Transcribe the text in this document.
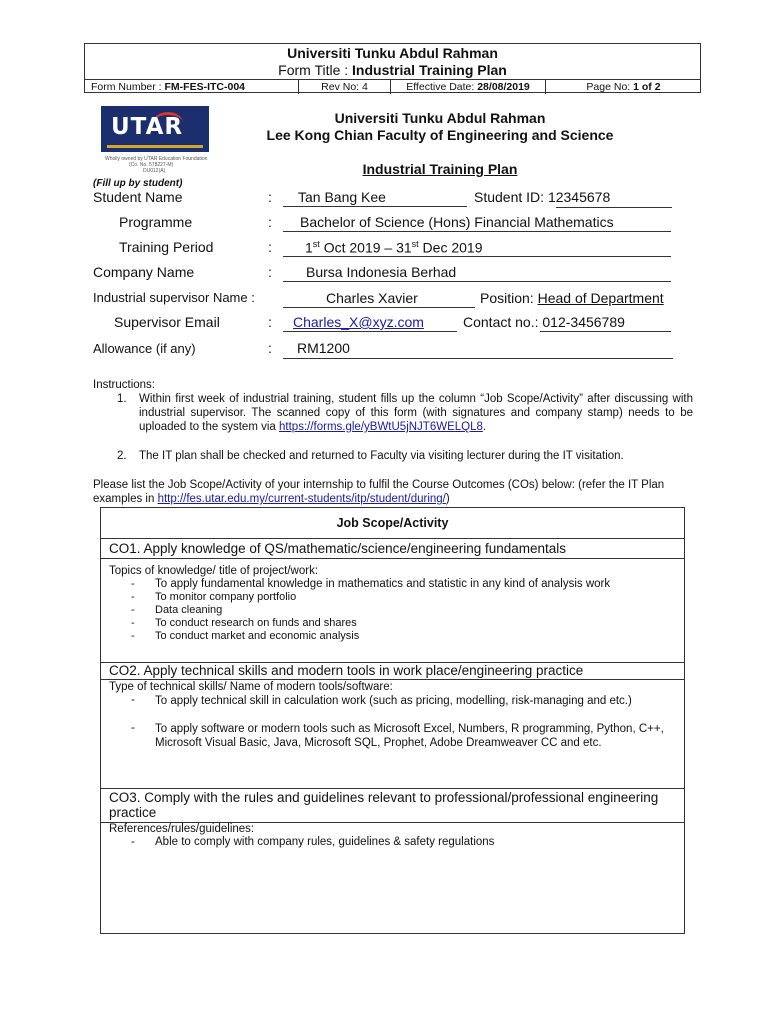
Universiti Tunku Abdul Rahman
Form Title : Industrial Training Plan
Form Number : FM-FES-ITC-004	Rev No: 4	Effective Date: 28/08/2019	Page No: 1 of 2
UTAR
Wholly owned by UTAR Education Foundation
(Co. No. 578227-M)
DU012(A)
Universiti Tunku Abdul Rahman
Lee Kong Chian Faculty of Engineering and Science
Industrial Training Plan
(Fill up by student)
Student Name	: Tan Bang Kee	Student ID: 12345678
Programme	: Bachelor of Science (Hons) Financial Mathematics
Training Period	: 1st Oct 2019 – 31st Dec 2019
Company Name	: Bursa Indonesia Berhad
Industrial supervisor Name :	Charles Xavier	Position: Head of Department
Supervisor Email	: Charles_X@xyz.com	Contact no.: 012-3456789
Allowance (if any)	: RM1200
Instructions:
1. Within first week of industrial training, student fills up the column “Job Scope/Activity” after discussing with industrial supervisor. The scanned copy of this form (with signatures and company stamp) needs to be uploaded to the system via https://forms.gle/yBWtU5jNJT6WELQL8.
2. The IT plan shall be checked and returned to Faculty via visiting lecturer during the IT visitation.
Please list the Job Scope/Activity of your internship to fulfil the Course Outcomes (COs) below: (refer the IT Plan examples in http://fes.utar.edu.my/current-students/itp/student/during/)
Job Scope/Activity
CO1. Apply knowledge of QS/mathematic/science/engineering fundamentals
Topics of knowledge/ title of project/work:
- To apply fundamental knowledge in mathematics and statistic in any kind of analysis work
- To monitor company portfolio
- Data cleaning
- To conduct research on funds and shares
- To conduct market and economic analysis
CO2. Apply technical skills and modern tools in work place/engineering practice
Type of technical skills/ Name of modern tools/software:
- To apply technical skill in calculation work (such as pricing, modelling, risk-managing and etc.)
- To apply software or modern tools such as Microsoft Excel, Numbers, R programming, Python, C++, Microsoft Visual Basic, Java, Microsoft SQL, Prophet, Adobe Dreamweaver CC and etc.
CO3. Comply with the rules and guidelines relevant to professional/professional engineering practice
References/rules/guidelines:
- Able to comply with company rules, guidelines & safety regulations
